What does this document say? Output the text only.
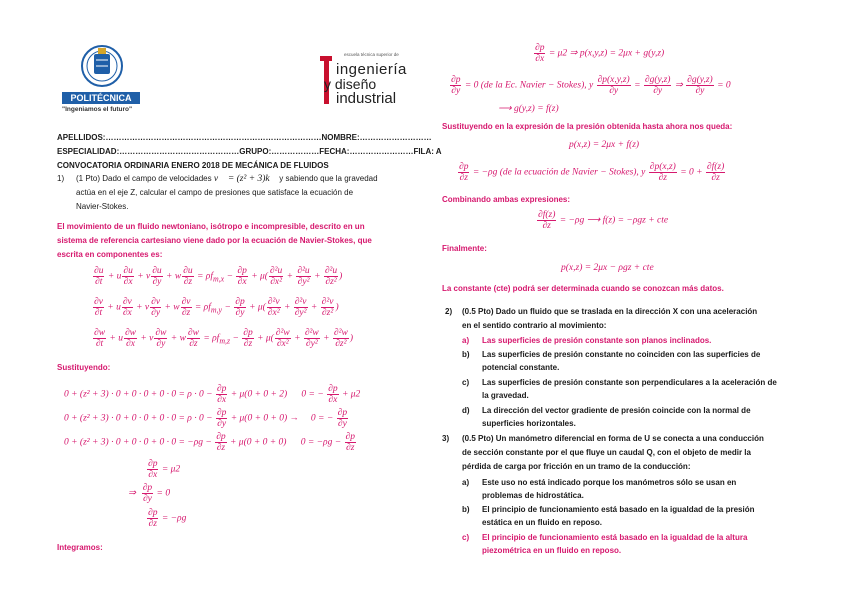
POLITÉCNICA
"Ingeniamos el futuro"
escuela técnica superior de
ingeniería
y diseño
industrial
APELLIDOS:………………………………………………………………………NOMBRE:………………………
ESPECIALIDAD:………………………………………GRUPO:………………FECHA:……………………FILA: A
CONVOCATORIA ORDINARIA ENERO 2018 DE MECÁNICA DE FLUIDOS
1) (1 Pto) Dado el campo de velocidades v⃗ = (z² + 3)k⃗ y sabiendo que la gravedad
actúa en el eje Z, calcular el campo de presiones que satisface la ecuación de
Navier-Stokes.
El movimiento de un fluido newtoniano, isótropo e incompresible, descrito en un
sistema de referencia cartesiano viene dado por la ecuación de Navier-Stokes, que
escrita en componentes es:
$\frac{\partial u}{\partial t} + u \frac{\partial u}{\partial x} + v \frac{\partial u}{\partial y} + w \frac{\partial u}{\partial z} = \rho f_{m,x} - \frac{\partial p}{\partial x} + \mu( \frac{\text{∂²u}}{\text{∂x²}} + \frac{\text{∂²u}}{\text{∂y²}} + \frac{\text{∂²u}}{\text{∂z²}}$ )
$\frac{\partial v}{\partial t} + u \frac{\partial v}{\partial x} + v \frac{\partial v}{\partial y} + w \frac{\partial v}{\partial z} = \rho f_{m,y} - \frac{\partial p}{\partial y} + \mu( \frac{\text{∂²v}}{\text{∂x²}} + \frac{\text{∂²v}}{\text{∂y²}} + \frac{\text{∂²v}}{\text{∂z²}}$ )
$\frac{\partial w}{\partial t} + u \frac{\partial w}{\partial x} + v \frac{\partial w}{\partial y} + w \frac{\partial w}{\partial z} = \rho f_{m,z} - \frac{\partial p}{\partial z} + \mu( \frac{\text{∂²w}}{\text{∂x²}} + \frac{\text{∂²w}}{\text{∂y²}} + \frac{\text{∂²w}}{\text{∂z²}}$ )
Sustituyendo:
$0 + (z^2 + 3) \cdot 0 + 0 \cdot 0 + 0 \cdot 0 = \rho \cdot 0 - \frac{\partial p}{\partial x} + \mu(0 + 0 + 2)$      0 = − $\frac{\partial p}{\partial x} + \mu 2$
$0 + (z^2 + 3) \cdot 0 + 0 \cdot 0 + 0 \cdot 0 = \rho \cdot 0 - \frac{\partial p}{\partial y} + \mu(0 + 0 + 0)$ →     0 = − $\frac{\partial p}{\partial y}$
$0 + (z^2 + 3) \cdot 0 + 0 \cdot 0 + 0 \cdot 0 = -\rho g - \frac{\partial p}{\partial z} + \mu(0 + 0 + 0)$      $0 = -\rho g - \frac{\partial p}{\partial z}$
$\frac{\partial p}{\partial x} = \mu 2$
⇒ $\frac{\partial p}{\partial y} = 0$
$\frac{\partial p}{\partial z} = -\rho g$
Integramos:
$\frac{\partial p}{\partial x} = \mu 2$ ⇒ p(x,y,z) = 2μx + g(y,z)
$\frac{\partial p}{\partial y} = 0$ (de la Ec. Navier − Stokes), y $\frac{\partial p(x,y,z)}{\partial y} = \frac{\partial g(y,z)}{\partial y}$ ⇒ $\frac{\partial g(y,z)}{\partial y} = 0$
⟶ g(y,z) = f(z)
Sustituyendo en la expresión de la presión obtenida hasta ahora nos queda:
p(x,z) = 2μx + f(z)
$\frac{\partial p}{\partial z} = -\rho g$ (de la ecuación de Navier − Stokes), y $\frac{\partial p(x,z)}{\partial z} = 0 + \frac{\partial f(z)}{\partial z}$
Combinando ambas expresiones:
$\frac{\partial f(z)}{\partial z} = -\rho g$ ⟶ f(z) = −ρgz + cte
Finalmente:
p(x,z) = 2μx − ρgz + cte
La constante (cte) podrá ser determinada cuando se conozcan más datos.
2) (0.5 Pto) Dado un fluido que se traslada en la dirección X con una aceleración
en el sentido contrario al movimiento:
a) Las superficies de presión constante son planos inclinados.
b) Las superficies de presión constante no coinciden con las superficies de
potencial constante.
c) Las superficies de presión constante son perpendiculares a la aceleración de
la gravedad.
d) La dirección del vector gradiente de presión coincide con la normal de
superficies horizontales.
3) (0.5 Pto) Un manómetro diferencial en forma de U se conecta a una conducción
de sección constante por el que fluye un caudal Q, con el objeto de medir la
pérdida de carga por fricción en un tramo de la conducción:
a) Este uso no está indicado porque los manómetros sólo se usan en
problemas de hidrostática.
b) El principio de funcionamiento está basado en la igualdad de la presión
estática en un fluido en reposo.
c) El principio de funcionamiento está basado en la igualdad de la altura
piezométrica en un fluido en reposo.
